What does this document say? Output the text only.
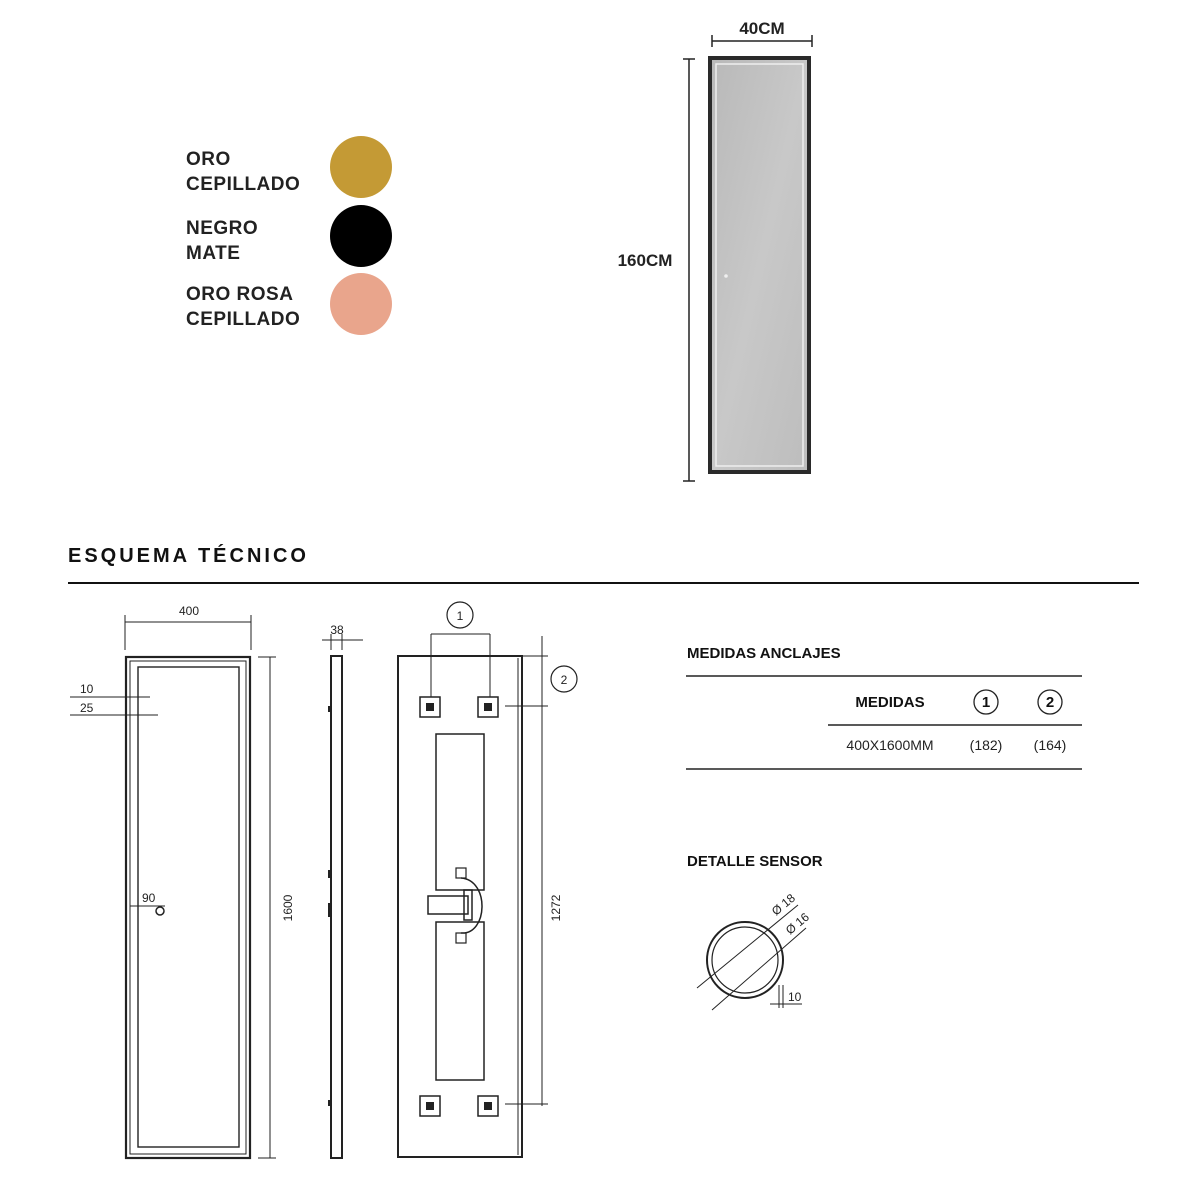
ORO
CEPILLADO
NEGRO
MATE
ORO ROSA
CEPILLADO
40CM
160CM
ESQUEMA TÉCNICO
400
1600
10
25
90
38
1
2
1272
MEDIDAS ANCLAJES
MEDIDAS	1	2
400X1600MM	(182) (164)
DETALLE SENSOR
Ø 18
Ø 16
10
